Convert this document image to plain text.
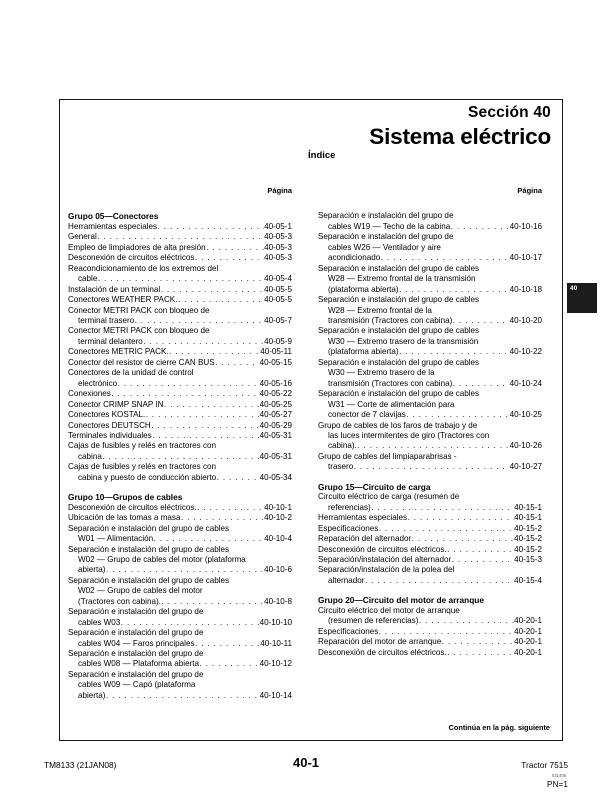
Sección 40
Sistema eléctrico
Índice
40
Página
Grupo 05—Conectores
Herramientas especiales . . .	40-05-1
General . . .	40-05-3
Empleo de limpiadores de alta presión . . .	40-05-3
Desconexión de circuitos eléctricos . . .	40-05-3
Reacondicionamiento de los extremos del
cable . . .	40-05-4
Instalación de un terminal . . .	40-05-5
Conectores WEATHER PACK. . . .	40-05-5
Conector METRI PACK con bloqueo de
terminal trasero . . .	40-05-7
Conector METRI PACK con bloqueo de
terminal delantero . . .	40-05-9
Conectores METRIC PACK. . . .	40-05-11
Conector del resistor de cierre CAN BUS . . .	40-05-15
Conectores de la unidad de control
electrónico . . .	40-05-16
Conexiones . . .	40-05-22
Conector CRIMP SNAP IN . . .	40-05-25
Conectores KOSTAL. . . .	40-05-27
Conectores DEUTSCH . . .	40-05-29
Terminales individuales . . .	40-05-31
Cajas de fusibles y relés en tractores con
cabina . . .	40-05-31
Cajas de fusibles y relés en tractores con
cabina y puesto de conducción abierto . . .	40-05-34
Grupo 10—Grupos de cables
Desconexión de circuitos eléctricos. . . .	40-10-1
Ubicación de las tomas a masa . . .	40-10-2
Separación e instalación del grupo de cables
W01 — Alimentación . . .	40-10-4
Separación e instalación del grupo de cables
W02 — Grupo de cables del motor (plataforma
abierta) . . .	40-10-6
Separación e instalación del grupo de cables
W02 — Grupo de cables del motor
(Tractores con cabina). . . .	40-10-8
Separación e instalación del grupo de
cables W03 . . .	40-10-10
Separación e instalación del grupo de
cables W04 — Faros principales . . .	40-10-11
Separación e instalación del grupo de
cables W08 — Plataforma abierta . . .	40-10-12
Separación e instalación del grupo de
cables W09 — Capó (plataforma
abierta) . . .	40-10-14
Página
Separación e instalación del grupo de
cables W19 — Techo de la cabina . . .	40-10-16
Separación e instalación del grupo de
cables W26 — Ventilador y aire
acondicionado . . .	40-10-17
Separación e instalación del grupo de cables
W28 — Extremo frontal de la transmisión
(plataforma abierta) . . .	40-10-18
Separación e instalación del grupo de cables
W28 — Extremo frontal de la
transmisión (Tractores con cabina) . . .	40-10-20
Separación e instalación del grupo de cables
W30 — Extremo trasero de la transmisión
(plataforma abierta) . . .	40-10-22
Separación e instalación del grupo de cables
W30 — Extremo trasero de la
transmisión (Tractores con cabina) . . .	40-10-24
Separación e instalación del grupo de cables
W31 — Corte de alimentación para
conector de 7 clavijas . . .	40-10-25
Grupo de cables de los faros de trabajo y de
las luces intermitentes de giro (Tractores con
cabina). . . .	40-10-26
Grupo de cables del limpiaparabrisas -
trasero . . .	40-10-27
Grupo 15—Circuito de carga
Circuito eléctrico de carga (resumen de
referencias) . . .	40-15-1
Herramientas especiales . . .	40-15-1
Especificaciones . . .	40-15-2
Reparación del alternador . . .	40-15-2
Desconexión de circuitos eléctricos. . . .	40-15-2
Separación/instalación del alternador . . .	40-15-3
Separación/instalación de la polea del
alternador . . .	40-15-4
Grupo 20—Circuito del motor de arranque
Circuito eléctrico del motor de arranque
(resumen de referencias) . . .	40-20-1
Especificaciones . . .	40-20-1
Reparación del motor de arranque . . .	40-20-1
Desconexión de circuitos eléctricos. . . .	40-20-1
Continúa en la pág. siguiente
TM8133 (21JAN08)	40-1	Tractor 7515
031408
PN=1
